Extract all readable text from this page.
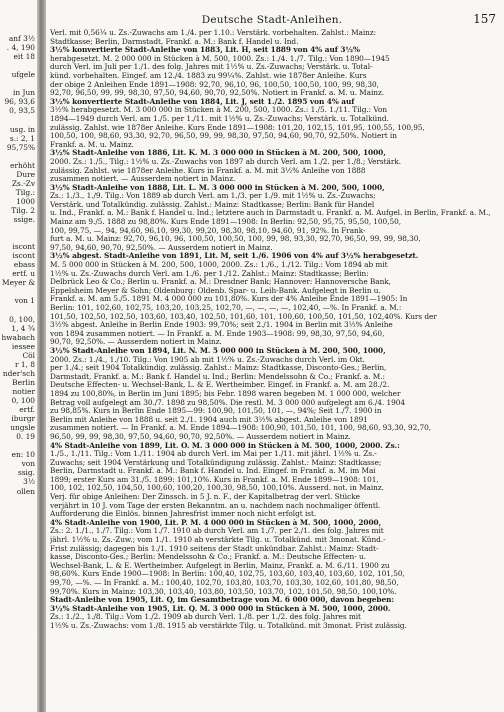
anf 3½
. 4, 190
eit 18
ufgele
in Jun
96, 93,6
0, 93,5
usg. in
s.: 2, 1
95,75%
erhöht
Dure
Zs.-Zv
Tilg.:
1000
Tilg. 2
ssige.
iscont
iscont
ebass
ertf. u
Meyer &
von 1
0, 100,
1, 4 ¾
hwabach
iessee
Cöl
r 1, 8
nder'sch
Berlin
notier
0, 100
ertf.
iburgr
ungsle
0. 19
en: 10
von
ssig.
3½
ollen
Deutsche Stadt-Anleihen.	157
Verl. mit 0,56¼ u. Zs.-Zuwachs am 1./4. per 1.10.: Verstärk. vorbehalten. Zahlst.: Mainz:
Stadtkasse; Berlin, Darmstadt, Frankf. a. M.: Bank f. Handel u. Ind.
3½% konvertierte Stadt-Anleihe von 1883, Lit. H, seit 1889 von 4% auf 3½%
herabgesetzt. M. 2 000 000 in Stücken à M. 500, 1000. Zs.: 1./4. 1./7. Tilg.: Von 1890—1945
durch Verl. im Juli per 1./1. des folg. Jahres mit 1½% u. Zs.-Zuwachs; Verstärk. u. Total-
künd. vorbehalten. Eingef. am 12./4. 1883 zu 99¼%. Zahlst. wie 1878er Anleihe. Kurs
der obige 2 Anleihen Ende 1891—1908: 92,70, 96,10, 96, 100,50, 100,50, 100, 99, 98,30,
92,70, 96,50, 99, 99, 98,30, 97,50, 94,60, 90,70, 92,50%. Notiert in Frankf. a. M. u. Mainz.
3½% konvertierte Stadt-Anleihe von 1884, Lit. J, seit 1./2. 1895 von 4% auf
3½% herabgesetzt. M. 3 000 000 in Stücken à M. 200, 500, 1000. Zs.: 1./5. 1./11. Tilg.: Von
1894—1949 durch Verl. am 1./5. per 1./11. mit 1½% u. Zs.-Zuwachs; Verstärk. u. Totalkünd.
zulässig. Zahlst. wie 1878er Anleihe. Kurs Ende 1891—1908: 101,20, 102,15, 101,95, 100,55, 100,95,
100,50, 100, 98,60, 93,30, 92,70, 96,50, 99, 99, 98,30, 97,50, 94,60, 90,70, 92,50%. Notiert in
Frankf. a. M. u. Mainz.
3½% Stadt-Anleihe von 1886, Lit. K. M. 3 000 000 in Stücken à M. 200, 500, 1000,
2000. Zs.: 1./5., Tilg.: 1½% u. Zs.-Zuwachs von 1897 ab durch Verl. am 1./2. per 1./8.; Verstärk.
zulässig. Zahlst. wie 1878er Anleihe. Kurs in Frankf. a. M. mit 3½% Anleihe von 1888
zusammen notiert. — Ausserdem notiert in Mainz.
3½% Stadt-Anleihe von 1888, Lit. L. M. 3 000 000 in Stücken à M. 200, 500, 1000,
Zs.: 1./3., 1./9. Tilg.: Von 1889 ab durch Verl. am 1./3. per 1./9. mit 1½% u. Zs.-Zuwachs;
Verstärk. und Totalkündig. zulässig. Zahlst.: Mainz: Stadtkasse; Berlin: Bank für Handel
u. Ind., Frankf. a. M.: Bank f. Handel u. Ind.; letztere auch in Darmstadt u. Frankf. a. M. Aufgel. in Berlin, Frankf. a. M.,
Mainz am 9./5. 1888 zu 98,80%. Kurs Ende 1891—1908: In Berlin: 92,50, 95,75, 95,50, 100,50,
100, 99,75, —, 94, 94,60, 96,10, 99,30, 99,20, 98,30, 98,10, 94,60, 91, 92%. In Frank-
furt a. M. u. Mainz: 92,70, 96,10, 96, 100,50, 100,50, 100, 99, 98, 93,30, 92,70, 96,50, 99, 99, 98,30,
97,50, 94,60, 90,70, 92,50%. — Ausserdem notiert in Mainz.
3½% abgest. Stadt-Anleihe von 1891, Lit. M, seit 1./6. 1906 von 4% auf 3½% herabgesetzt.
M. 5 000 000 in Stücken à M. 200, 500, 1000, 2000. Zs.: 1./6., 1./12. Tilg.: Vom 1894 ab mit
1½% u. Zs.-Zuwachs durch Verl. am 1./6. per 1./12. Zahlst.: Mainz: Stadtkasse; Berlin:
Delbrück Leo & Co.; Berlin u. Frankf. a. M.: Dresdner Bank; Hannover: Hannoversche Bank,
Eppelsheim Meyer & Sohn; Oldenburg: Oldenb. Spar- u. Leih-Bank. Aufgelegt in Berlin u.
Frankf. a. M. am 5./5. 1891 M. 4 000 000 zu 101,80%. Kurs der 4% Anleihe Ende 1891—1905: In
Berlin: 101, 102,60, 102,75, 103,20, 103,25, 102,70, —, —, —, —, 102,40, —%. In Frankf. a. M.:
101,50, 102,50, 102,50, 103,60, 103,40, 102,50, 101,60, 101, 100,60, 100,50, 101,50, 102,40%. Kurs der
3½% abgest. Anleihe in Berlin Ende 1903: 99,70%; seit 2./1. 1904 in Berlin mit 3½% Anleihe
von 1894 zusammen notiert. — In Frankf. a. M. Ende 1903—1908: 99, 98,30, 97,50, 94,60,
90,70, 92,50%. — Ausserdem notiert in Mainz.
3½% Stadt-Anleihe von 1894, Lit. N. M. 5 000 000 in Stücken à M. 200, 500, 1000,
2000. Zs.: 1./4., 1./10. Tilg.: Von 1905 ab mit 1½% u. Zs.-Zuwachs durch Verl. im Okt.
per 1./4.; seit 1904 Totalkündig. zulässig. Zahlst.: Mainz: Stadtkasse, Disconto-Ges.; Berlin,
Darmstadt, Frankf. a. M.: Bank f. Handel u. Ind.; Berlin: Mendelssohn & Co.; Frankf. a. M.:
Deutsche Effecten- u. Wechsel-Bank, L. & E. Wertheimber. Eingef. in Frankf. a. M. am 28./2.
1894 zu 100,80%, in Berlin im Juni 1895; bis Febr. 1898 waren begeben M. 1 000 000, welcher
Betrag voll aufgelegt am 30./7. 1898 zu 98,50%. Die restl. M. 3 000 000 aufgelegt am 6./4. 1904
zu 98,85%. Kurs in Berlin Ende 1895—99: 100,90, 101,50, 101, —, 94%; Seit 1./7. 1900 in
Berlin mit Anleihe von 1888 u. seit 2./1. 1904 auch mit 3½% abgest. Anleihe von 1891
zusammen notiert. — In Frankf. a. M. Ende 1894—1908: 100,90, 101,50, 101, 100, 98,60, 93,30, 92,70,
96,50, 99, 99, 98,30, 97,50, 94,60, 90,70, 92,50%. — Ausserdem notiert in Mainz.
4% Stadt-Anleihe von 1899, Lit. O. M. 3 000 000 in Stücken à M. 500, 1000, 2000. Zs.:
1./5., 1./11. Tilg.: Vom 1./11. 1904 ab durch Verl. im Mai per 1./11. mit jährl. 1½% u. Zs.-
Zuwachs; seit 1904 Verstärkung und Totalkündigung zulässig. Zahlst.: Mainz: Stadtkasse;
Berlin, Darmstadt u. Frankf. a. M.: Bank f. Handel u. Ind. Eingef. in Frankf. a. M. im Mai
1899; erster Kurs am 31./5. 1899: 101,10%. Kurs in Frankf. a. M. Ende 1899—1908: 101,
100, 102, 102,50, 104,50, 100,60, 100,20, 100,30, 98,50, 100,10%. Ausserd. not. in Mainz.
Verj. für obige Anleihen: Der Zinssch. in 5 J. n. F., der Kapitalbetrag der verl. Stücke
verjährt in 10 J. vom Tage der ersten Bekanntm. an u. nachdem nach nochmaliger öffentl.
Aufforderung die Einlös. binnen Jahresfrist immer noch nicht erfolgt ist.
4% Stadt-Anleihe von 1900, Lit. P. M. 4 000 000 in Stücken à M. 500, 1000, 2000,
Zs.: 2. 1./1., 1./7. Tilg.: Vom 1./7. 1910 ab durch Verl. am 1./7. per 2./1. des folg. Jahres mit
jährl. 1½% u. Zs.-Zuw.; vom 1./1. 1910 ab verstärkte Tilg. u. Totalkünd. mit 3monat. Künd.-
Frist zulässig; dagegen bis 1./1. 1910 seitens der Stadt unkündbar. Zahlst.: Mainz: Stadt-
kasse, Disconto-Ges.; Berlin: Mendelssohn & Co.; Frankf. a. M.: Deutsche Effecten- u.
Wechsel-Bank, L. & E. Wertheimber. Aufgelegt in Berlin, Mainz, Frankf. a. M. 6./11. 1900 zu
98,60%. Kurs Ende 1900—1908: In Berlin: 100,40, 102,75, 103,60, 103,40, 103,60, 102, 101,50,
99,70, —%. — In Frankf. a. M.: 100,40, 102,70, 103,80, 103,70, 103,30, 102,60, 101,80, 98,50,
99,70%. Kurs in Mainz: 103,30, 103,40, 103,80, 103,50, 103,70, 102, 101,50, 98,50, 100,10%.
Stadt-Anleihe von 1905, Lit. Q, im Gesamtbetrage von M. 6 000 000, davon begeben:
3½% Stadt-Anleihe von 1905, Lit. Q. M. 3 000 000 in Stücken à M. 500, 1000, 2000.
Zs.: 1./2., 1./8. Tilg.: Vom 1./2. 1909 ab durch Verl. 1./8. per 1./2. des folg. Jahres mit
1½% u. Zs.-Zuwachs: vom 1./8. 1915 ab verstärkte Tilg. u. Totalkünd. mit 3monat. Frist zulässig.
